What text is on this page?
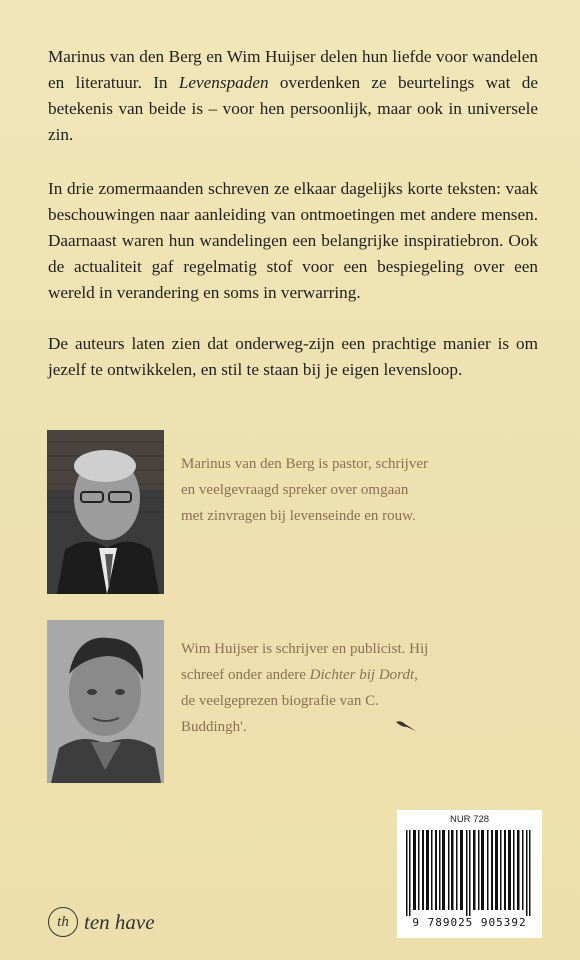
Marinus van den Berg en Wim Huijser delen hun liefde voor wandelen en literatuur. In Levenspaden overdenken ze beurtelings wat de betekenis van beide is – voor hen persoonlijk, maar ook in universele zin.

In drie zomermaanden schreven ze elkaar dagelijks korte teksten: vaak beschouwingen naar aanleiding van ontmoetingen met andere mensen. Daarnaast waren hun wandelingen een belangrijke inspiratiebron. Ook de actualiteit gaf regelmatig stof voor een bespiegeling over een wereld in verandering en soms in verwarring.

De auteurs laten zien dat onderweg-zijn een prachtige manier is om jezelf te ontwikkelen, en stil te staan bij je eigen levensloop.

Marinus van den Berg is pastor, schrijver en veelgevraagd spreker over omgaan met zinvragen bij levenseinde en rouw.

Wim Huijser is schrijver en publicist. Hij schreef onder andere Dichter bij Dordt, de veelgeprezen biografie van C. Buddingh'.

NUR 728
9 789025 905392
th ten have
